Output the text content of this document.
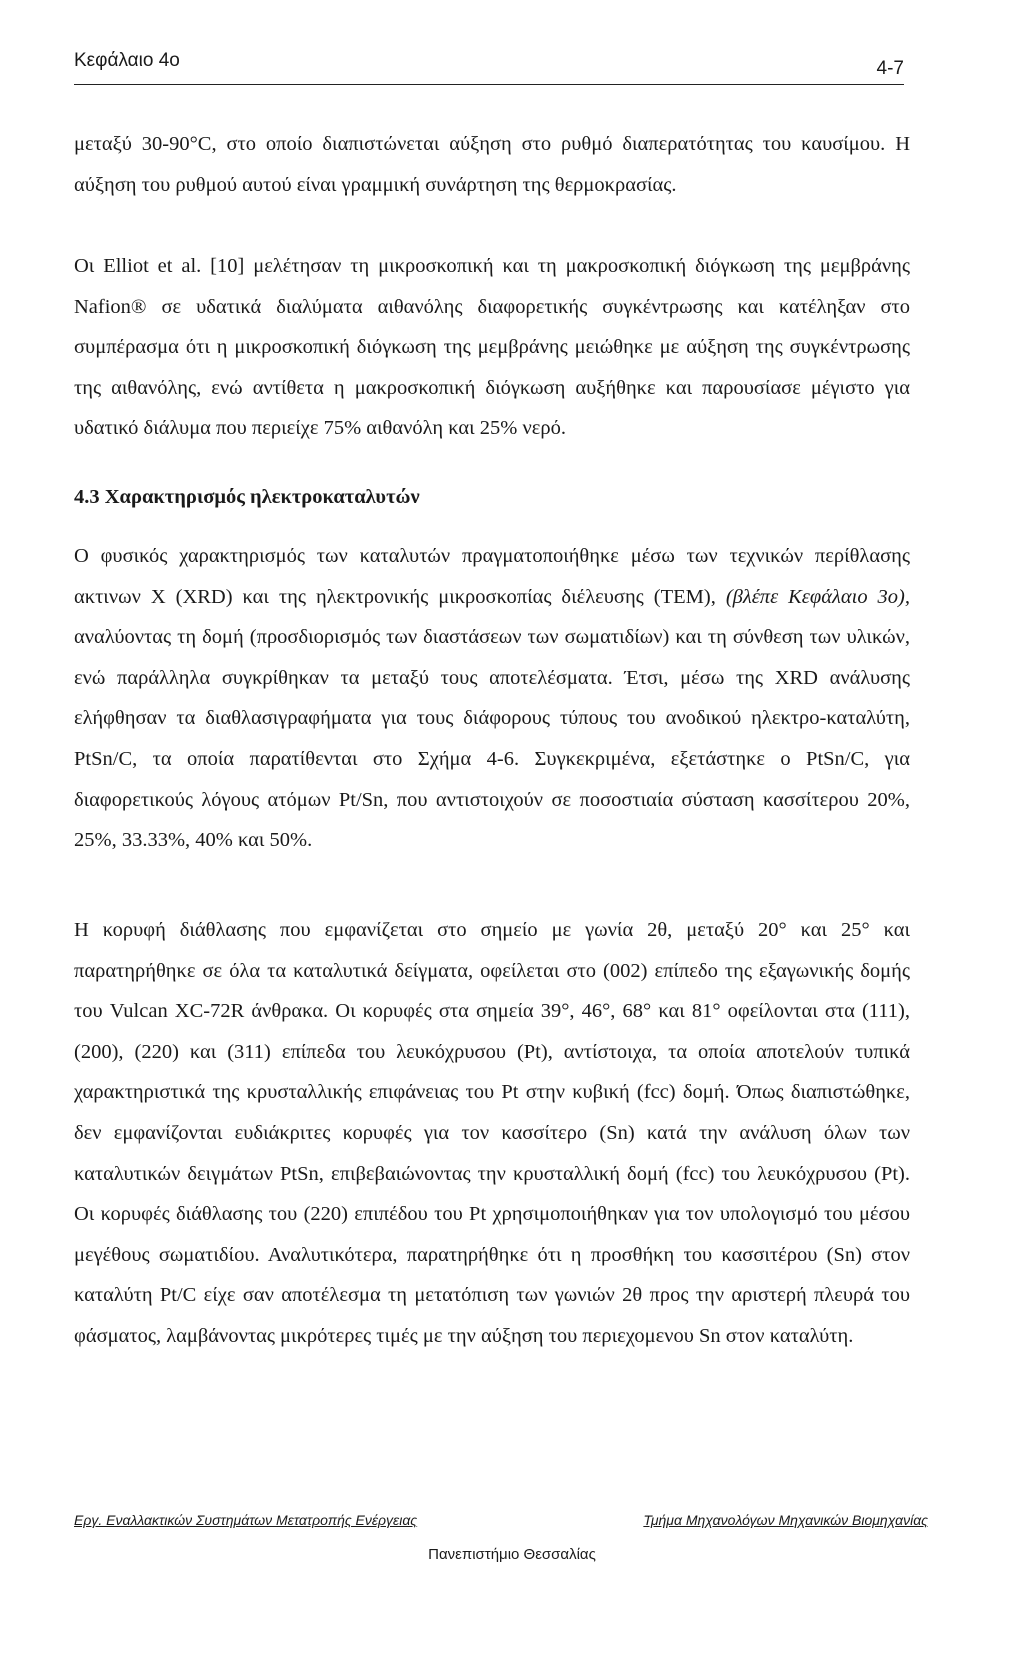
Κεφάλαιο 4ο	4-7

μεταξύ 30-90°C, στο οποίο διαπιστώνεται αύξηση στο ρυθμό διαπερατότητας του καυσίμου. Η αύξηση του ρυθμού αυτού είναι γραμμική συνάρτηση της θερμοκρασίας.

Οι Elliot et al. [10] μελέτησαν τη μικροσκοπική και τη μακροσκοπική διόγκωση της μεμβράνης Nafion® σε υδατικά διαλύματα αιθανόλης διαφορετικής συγκέντρωσης και κατέληξαν στο συμπέρασμα ότι η μικροσκοπική διόγκωση της μεμβράνης μειώθηκε με αύξηση της συγκέντρωσης της αιθανόλης, ενώ αντίθετα η μακροσκοπική διόγκωση αυξήθηκε και παρουσίασε μέγιστο για υδατικό διάλυμα που περιείχε 75% αιθανόλη και 25% νερό.

4.3 Χαρακτηρισμός ηλεκτροκαταλυτών

Ο φυσικός χαρακτηρισμός των καταλυτών πραγματοποιήθηκε μέσω των τεχνικών περίθλασης ακτινων Χ (XRD) και της ηλεκτρονικής μικροσκοπίας διέλευσης (ΤΕΜ), (βλέπε Κεφάλαιο 3ο), αναλύοντας τη δομή (προσδιορισμός των διαστάσεων των σωματιδίων) και τη σύνθεση των υλικών, ενώ παράλληλα συγκρίθηκαν τα μεταξύ τους αποτελέσματα. Έτσι, μέσω της XRD ανάλυσης ελήφθησαν τα διαθλασιγραφήματα για τους διάφορους τύπους του ανοδικού ηλεκτρο-καταλύτη, PtSn/C, τα οποία παρατίθενται στο Σχήμα 4-6. Συγκεκριμένα, εξετάστηκε ο PtSn/C, για διαφορετικούς λόγους ατόμων Pt/Sn, που αντιστοιχούν σε ποσοστιαία σύσταση κασσίτερου 20%, 25%, 33.33%, 40% και 50%.

Η κορυφή διάθλασης που εμφανίζεται στο σημείο με γωνία 2θ, μεταξύ 20° και 25° και παρατηρήθηκε σε όλα τα καταλυτικά δείγματα, οφείλεται στο (002) επίπεδο της εξαγωνικής δομής του Vulcan XC-72R άνθρακα. Οι κορυφές στα σημεία 39°, 46°, 68° και 81° οφείλονται στα (111), (200), (220) και (311) επίπεδα του λευκόχρυσου (Pt), αντίστοιχα, τα οποία αποτελούν τυπικά χαρακτηριστικά της κρυσταλλικής επιφάνειας του Pt στην κυβική (fcc) δομή. Όπως διαπιστώθηκε, δεν εμφανίζονται ευδιάκριτες κορυφές για τον κασσίτερο (Sn) κατά την ανάλυση όλων των καταλυτικών δειγμάτων PtSn, επιβεβαιώνοντας την κρυσταλλική δομή (fcc) του λευκόχρυσου (Pt). Οι κορυφές διάθλασης του (220) επιπέδου του Pt χρησιμοποιήθηκαν για τον υπολογισμό του μέσου μεγέθους σωματιδίου. Αναλυτικότερα, παρατηρήθηκε ότι η προσθήκη του κασσιτέρου (Sn) στον καταλύτη Pt/C είχε σαν αποτέλεσμα τη μετατόπιση των γωνιών 2θ προς την αριστερή πλευρά του φάσματος, λαμβάνοντας μικρότερες τιμές με την αύξηση του περιεχομενου Sn στον καταλύτη.

Εργ. Εναλλακτικών Συστημάτων Μετατροπής Ενέργειας	Τμήμα Μηχανολόγων Μηχανικών Βιομηχανίας
Πανεπιστήμιο Θεσσαλίας
